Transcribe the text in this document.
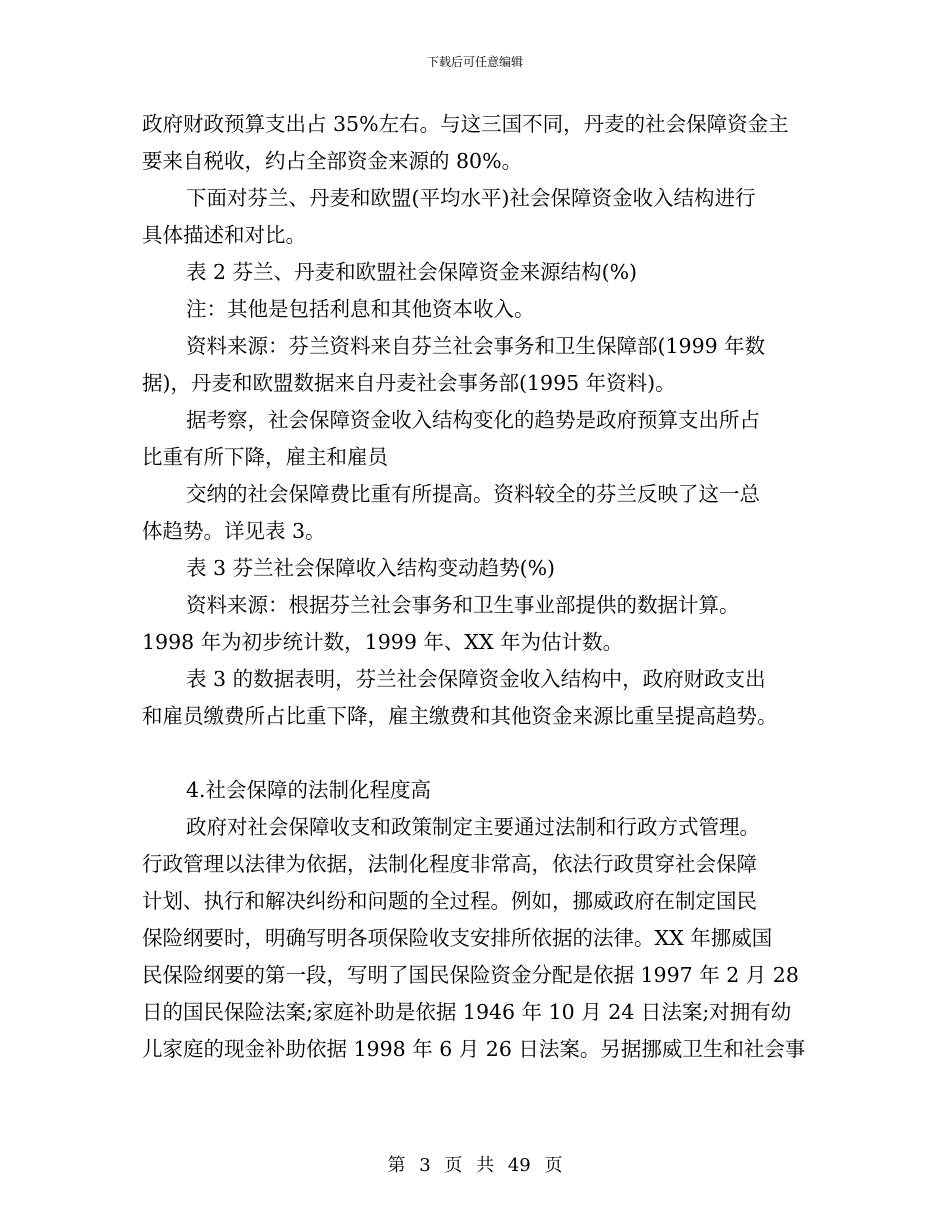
下载后可任意编辑
政府财政预算支出占 35%左右。与这三国不同，丹麦的社会保障资金主
要来自税收，约占全部资金来源的 80%。
下面对芬兰、丹麦和欧盟(平均水平)社会保障资金收入结构进行
具体描述和对比。
表 2 芬兰、丹麦和欧盟社会保障资金来源结构(%)
注：其他是包括利息和其他资本收入。
资料来源：芬兰资料来自芬兰社会事务和卫生保障部(1999 年数
据)，丹麦和欧盟数据来自丹麦社会事务部(1995 年资料)。
据考察，社会保障资金收入结构变化的趋势是政府预算支出所占
比重有所下降，雇主和雇员
交纳的社会保障费比重有所提高。资料较全的芬兰反映了这一总
体趋势。详见表 3。
表 3 芬兰社会保障收入结构变动趋势(%)
资料来源：根据芬兰社会事务和卫生事业部提供的数据计算。
1998 年为初步统计数，1999 年、XX 年为估计数。
表 3 的数据表明，芬兰社会保障资金收入结构中，政府财政支出
和雇员缴费所占比重下降，雇主缴费和其他资金来源比重呈提高趋势。
4.社会保障的法制化程度高
政府对社会保障收支和政策制定主要通过法制和行政方式管理。
行政管理以法律为依据，法制化程度非常高，依法行政贯穿社会保障
计划、执行和解决纠纷和问题的全过程。例如，挪威政府在制定国民
保险纲要时，明确写明各项保险收支安排所依据的法律。XX 年挪威国
民保险纲要的第一段，写明了国民保险资金分配是依据 1997 年 2 月 28
日的国民保险法案;家庭补助是依据 1946 年 10 月 24 日法案;对拥有幼
儿家庭的现金补助依据 1998 年 6 月 26 日法案。另据挪威卫生和社会事
第 3 页 共 49 页
